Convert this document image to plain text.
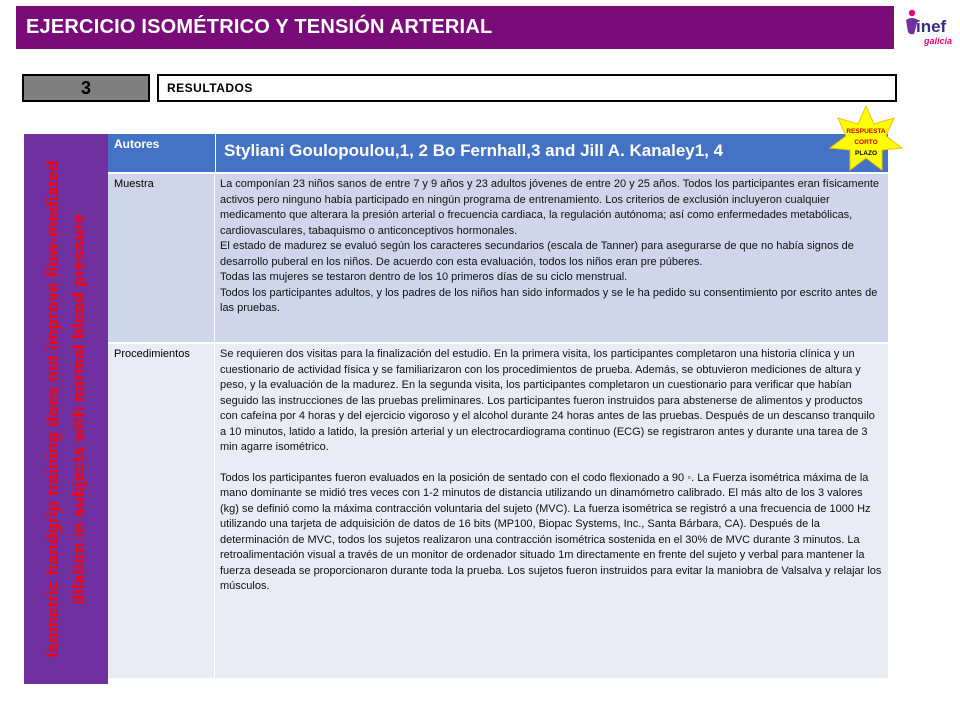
EJERCICIO ISOMÉTRICO Y TENSIÓN ARTERIAL	inef
galicia
3	RESULTADOS
Isometric handgrip training does not improve flow-mediated dilation in subjects with normal blood pressure
Autores	Styliani Goulopoulou,1, 2 Bo Fernhall,3 and Jill A. Kanaley1, 4
Muestra	La componían 23 niños sanos de entre 7 y 9 años y 23 adultos jóvenes de entre 20 y 25 años. Todos los participantes eran físicamente activos pero ninguno había participado en ningún programa de entrenamiento. Los criterios de exclusión incluyeron cualquier medicamento que alterara la presión arterial o frecuencia cardiaca, la regulación autónoma; así como enfermedades metabólicas, cardiovasculares, tabaquismo o anticonceptivos hormonales.

El estado de madurez se evaluó según los caracteres secundarios (escala de Tanner) para asegurarse de que no había signos de desarrollo puberal en los niños. De acuerdo con esta evaluación, todos los niños eran pre púberes.

Todas las mujeres se testaron dentro de los 10 primeros días de su ciclo menstrual.

Todos los participantes adultos, y los padres de los niños han sido informados y se le ha pedido su consentimiento por escrito antes de las pruebas.

Procedimientos	Se requieren dos visitas para la finalización del estudio. En la primera visita, los participantes completaron una historia clínica y un cuestionario de actividad física y se familiarizaron con los procedimientos de prueba. Además, se obtuvieron mediciones de altura y peso, y la evaluación de la madurez. En la segunda visita, los participantes completaron un cuestionario para verificar que habían seguido las instrucciones de las pruebas preliminares. Los participantes fueron instruidos para abstenerse de alimentos y productos con cafeína por 4 horas y del ejercicio vigoroso y el alcohol durante 24 horas antes de las pruebas. Después de un descanso tranquilo a 10 minutos, latido a latido, la presión arterial y un electrocardiograma continuo (ECG) se registraron antes y durante una tarea de 3 min agarre isométrico.

Todos los participantes fueron evaluados en la posición de sentado con el codo flexionado a 90 ◦. La Fuerza isométrica máxima de la mano dominante se midió tres veces con 1-2 minutos de distancia utilizando un dinamómetro calibrado. El más alto de los 3 valores (kg) se definió como la máxima contracción voluntaria del sujeto (MVC). La fuerza isométrica se registró a una frecuencia de 1000 Hz utilizando una tarjeta de adquisición de datos de 16 bits (MP100, Biopac Systems, Inc., Santa Bárbara, CA). Después de la determinación de MVC, todos los sujetos realizaron una contracción isométrica sostenida en el 30% de MVC durante 3 minutos. La retroalimentación visual a través de un monitor de ordenador situado 1m directamente en frente del sujeto y verbal para mantener la fuerza deseada se proporcionaron durante toda la prueba. Los sujetos fueron instruidos para evitar la maniobra de Valsalva y relajar los músculos.

RESPUESTA
CORTO
PLAZO
